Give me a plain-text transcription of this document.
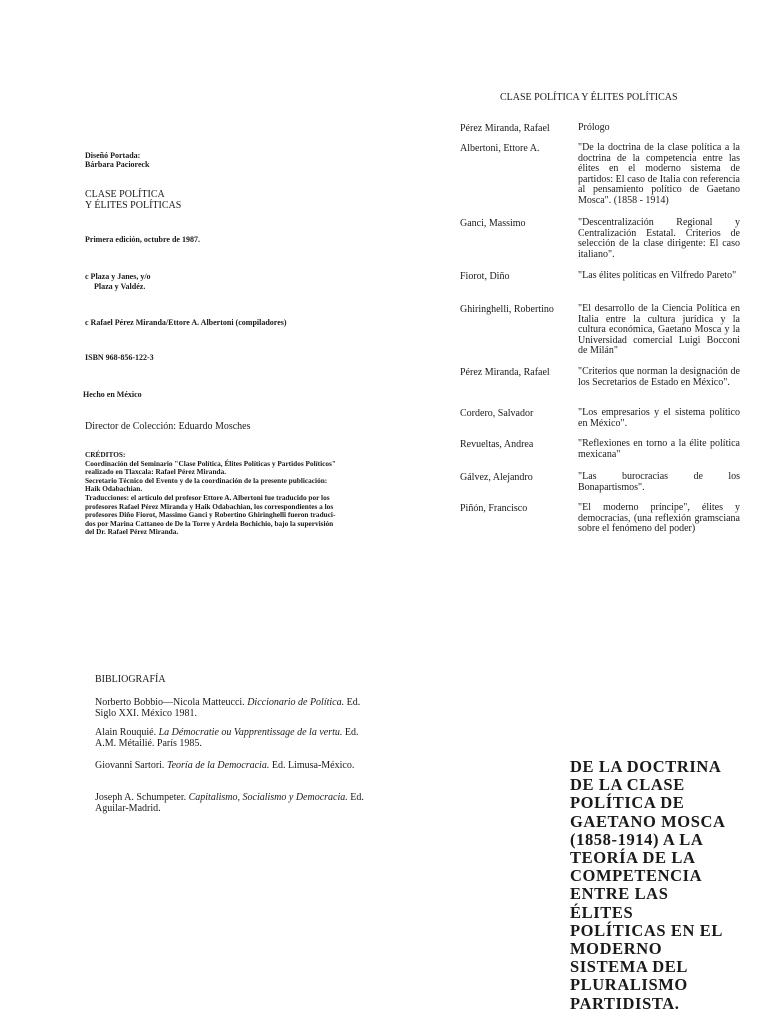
CLASE POLÍTICA Y ÉLITES POLÍTICAS
Diseñó Portada:
Bárbara Pacioreck
CLASE POLÍTICA
Y ÉLITES POLÍTICAS
Primera edición, octubre de 1987.
c Plaza y Janes, y/o
Plaza y Valdéz.
c Rafael Pérez Miranda/Ettore A. Albertoni (compiladores)
ISBN 968-856-122-3
Hecho en México
Director de Colección: Eduardo Mosches
CRÉDITOS:
Coordinación del Seminario "Clase Política, Élites Políticas y Partidos Políticos"
realizado en Tlaxcala: Rafael Pérez Miranda.
Secretario Técnico del Evento y de la coordinación de la presente publicación:
Haik Odabachian.
Traducciones: el artículo del profesor Ettore A. Albertoni fue traducido por los
profesores Rafael Pérez Miranda y Haik Odabachian, los correspondientes a los
profesores Diño Fiorot, Massimo Ganci y Robertino Ghiringhelli fueron traduci-
dos por Marina Cattaneo de De la Torre y Ardela Bochichio, bajo la supervisión
del Dr. Rafael Pérez Miranda.
Pérez Miranda, Rafael	Prólogo
Albertoni, Ettore A.	"De la doctrina de la clase política a la doctrina de la competencia entre las élites en el moderno sistema de partidos: El caso de Italia con referencia al pensamiento político de Gaetano Mosca". (1858 - 1914)
Ganci, Massimo	"Descentralización Regional y Centralización Estatal. Criterios de selección de la clase dirigente: El caso italiano".
Fiorot, Diño	"Las élites políticas en Vilfredo Pareto"
Ghiringhelli, Robertino "El desarrollo de la Ciencia Política en Italia entre la cultura jurídica y la cultura económica, Gaetano Mosca y la Universidad comercial Luigi Bocconi de Milán"
Pérez Miranda, Rafael	"Criterios que norman la designación de los Secretarios de Estado en México".
Cordero, Salvador	"Los empresarios y el sistema político en México".
Revueltas, Andrea	"Reflexiones en torno a la élite política mexicana"
Gálvez, Alejandro	"Las burocracias de los Bonapartismos".
Piñón, Francisco	"El moderno príncipe", élites y democracias, (una reflexión gramsciana sobre el fenómeno del poder)
BIBLIOGRAFÍA
Norberto Bobbio—Nicola Matteucci. Diccionario de Política. Ed. Siglo XXI. México 1981.
Alain Rouquié. La Démocratie ou Vapprentissage de la vertu. Ed. A.M. Métailié. París 1985.
Giovanni Sartori. Teoría de la Democracia. Ed. Limusa-México.
Joseph A. Schumpeter. Capitalismo, Socialismo y Democracia. Ed. Aguilar-Madrid.
DE LA DOCTRINA
DE LA CLASE
POLÍTICA DE
GAETANO MOSCA
(1858-1914) A LA
TEORÍA DE LA
COMPETENCIA
ENTRE LAS
ÉLITES
POLÍTICAS EN EL
MODERNO
SISTEMA DEL
PLURALISMO
PARTIDISTA.
